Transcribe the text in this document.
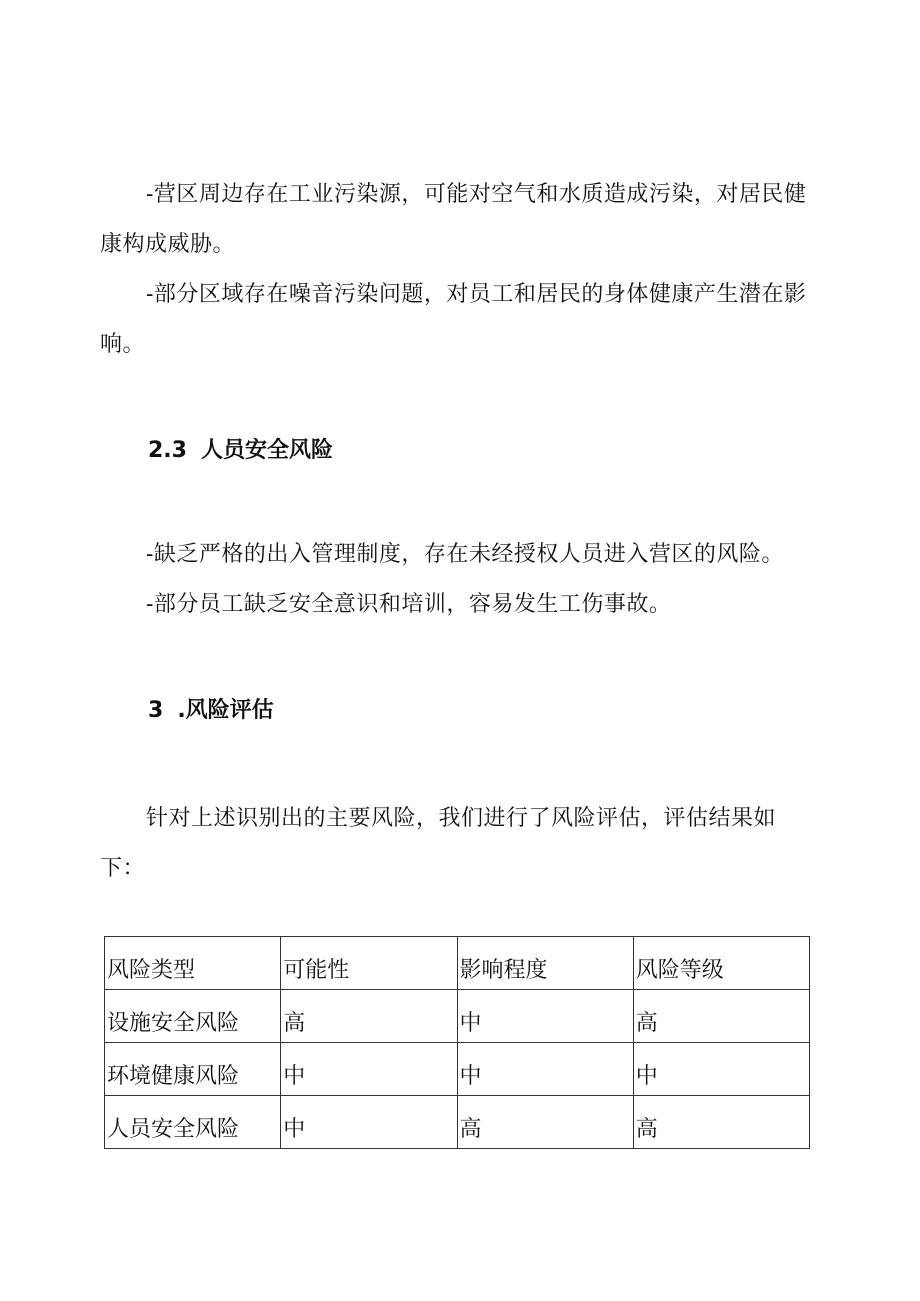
-营区周边存在工业污染源，可能对空气和水质造成污染，对居民健康构成威胁。

-部分区域存在噪音污染问题，对员工和居民的身体健康产生潜在影响。

2.3 人员安全风险

-缺乏严格的出入管理制度，存在未经授权人员进入营区的风险。

-部分员工缺乏安全意识和培训，容易发生工伤事故。

3 .风险评估

针对上述识别出的主要风险，我们进行了风险评估，评估结果如下：

风险类型	可能性	影响程度	风险等级
设施安全风险	高	中	高
环境健康风险	中	中	中
人员安全风险	中	高	高
